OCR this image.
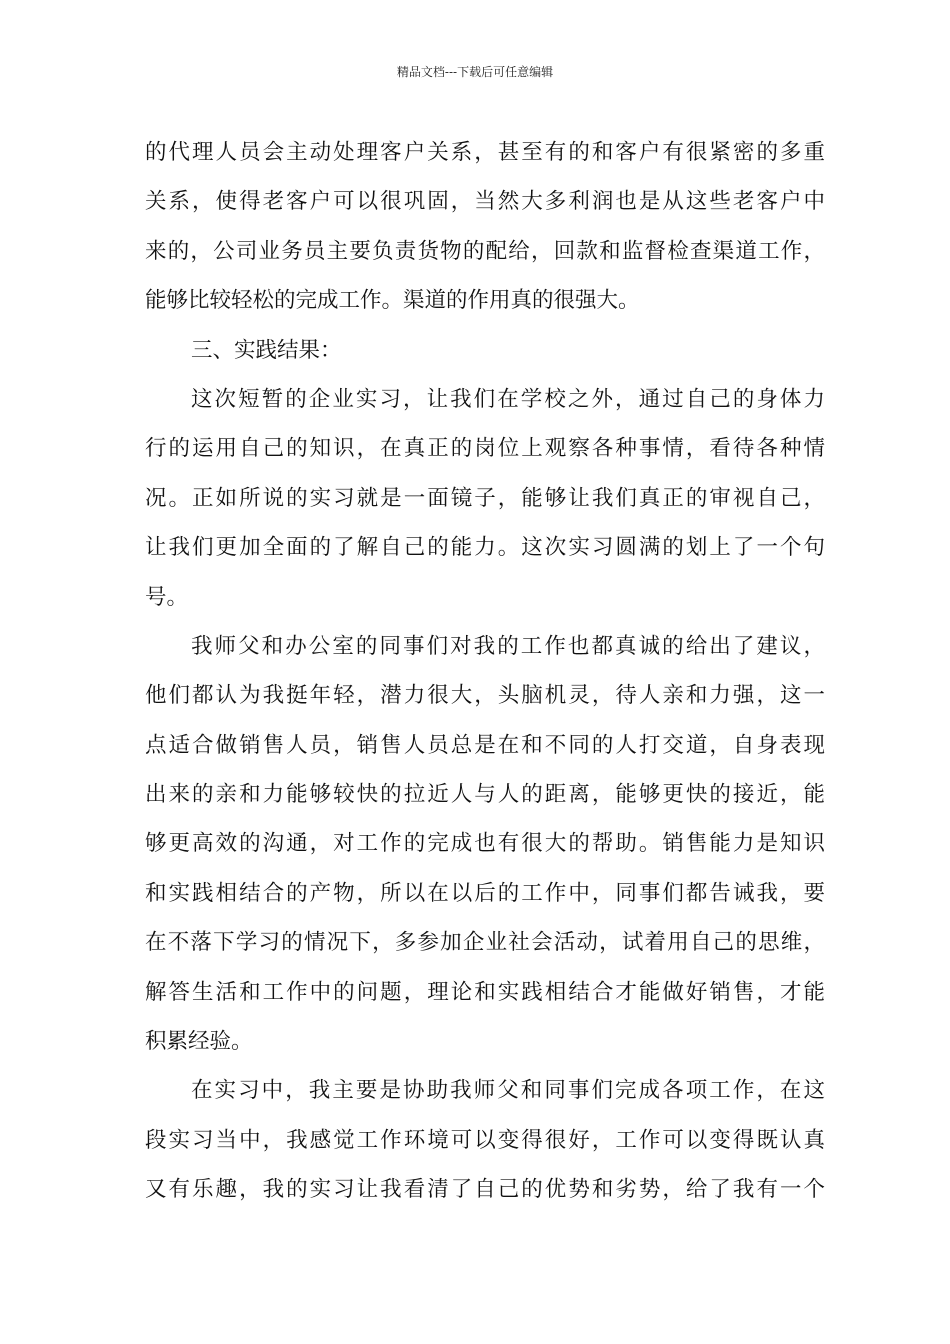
精品文档---下载后可任意编辑
的代理人员会主动处理客户关系，甚至有的和客户有很紧密的多重
关系，使得老客户可以很巩固，当然大多利润也是从这些老客户中
来的，公司业务员主要负责货物的配给，回款和监督检查渠道工作，
能够比较轻松的完成工作。渠道的作用真的很强大。
三、实践结果：
这次短暂的企业实习，让我们在学校之外，通过自己的身体力
行的运用自己的知识，在真正的岗位上观察各种事情，看待各种情
况。正如所说的实习就是一面镜子，能够让我们真正的审视自己，
让我们更加全面的了解自己的能力。这次实习圆满的划上了一个句
号。
我师父和办公室的同事们对我的工作也都真诚的给出了建议，
他们都认为我挺年轻，潜力很大，头脑机灵，待人亲和力强，这一
点适合做销售人员，销售人员总是在和不同的人打交道，自身表现
出来的亲和力能够较快的拉近人与人的距离，能够更快的接近，能
够更高效的沟通，对工作的完成也有很大的帮助。销售能力是知识
和实践相结合的产物，所以在以后的工作中，同事们都告诫我，要
在不落下学习的情况下，多参加企业社会活动，试着用自己的思维，
解答生活和工作中的问题，理论和实践相结合才能做好销售，才能
积累经验。
在实习中，我主要是协助我师父和同事们完成各项工作，在这
段实习当中，我感觉工作环境可以变得很好，工作可以变得既认真
又有乐趣，我的实习让我看清了自己的优势和劣势，给了我有一个
